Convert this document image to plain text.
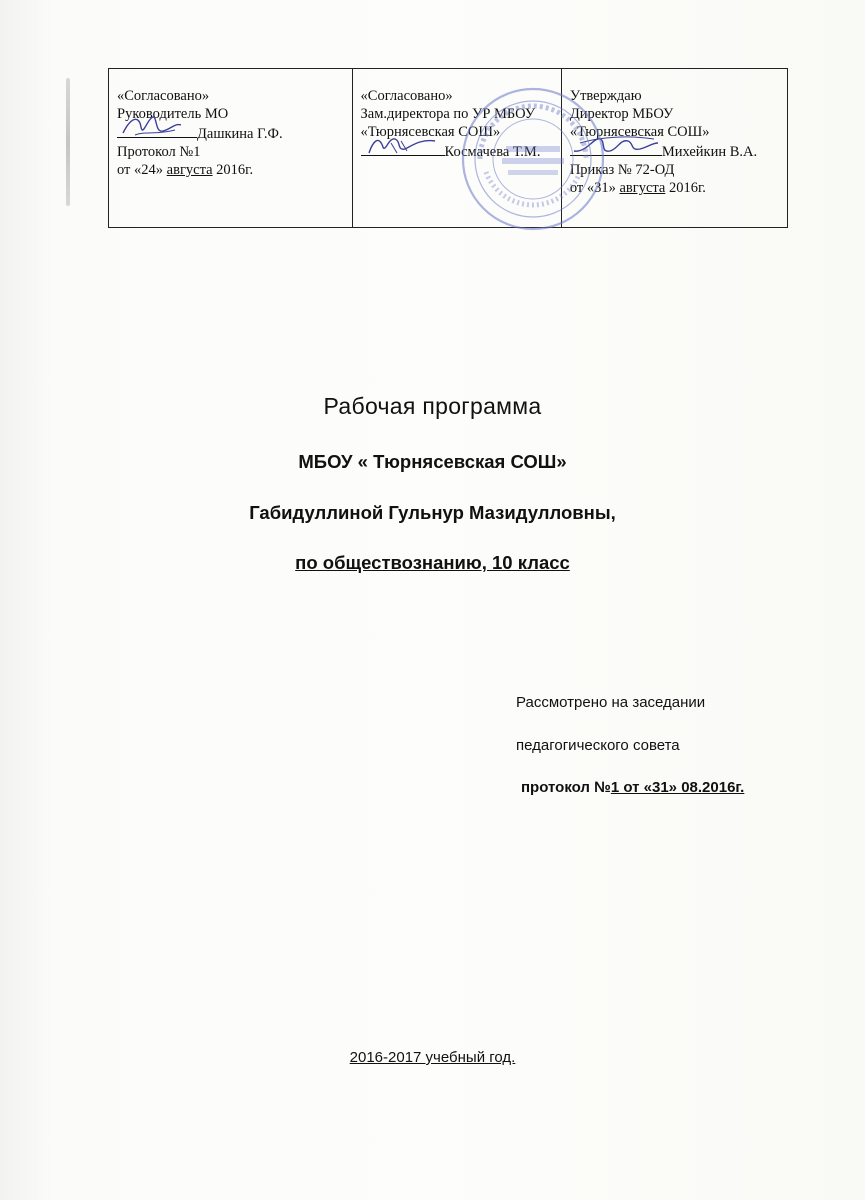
«Согласовано»
Руководитель МО
Дашкина Г.Ф.
Протокол №1
от «24» августа 2016г.

«Согласовано»
Зам.директора по УР МБОУ
«Тюрнясевская СОШ»
Космачева Т.М.

Утверждаю
Директор МБОУ
«Тюрнясевская СОШ»
Михейкин В.А.
Приказ № 72-ОД
от «31» августа 2016г.
Рабочая программа
МБОУ « Тюрнясевская СОШ»
Габидуллиной Гульнур Мазидулловны,
по обществознанию, 10 класс
Рассмотрено на заседании
педагогического совета
протокол №1 от «31» 08.2016г.
2016-2017 учебный год.
